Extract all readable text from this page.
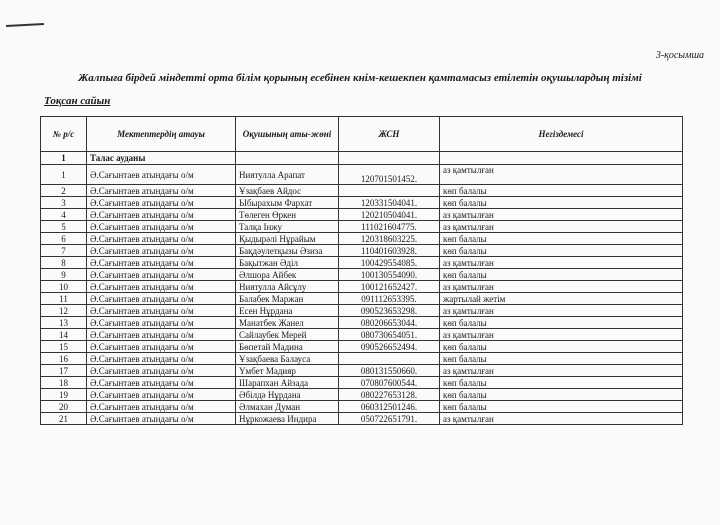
3-қосымша
Жалпыға бірдей міндетті орта білім қорының есебінен кнім-кешекпен қамтамасыз етілетін оқушылардың тізімі
Тоқсан сайын
№ р/с	Мектептердің атауы	Оқушының аты-жөні	ЖСН	Негіздемесі
1	Талас ауданы			
1	Ә.Сағынтаев атындағы о/м	Ниятулла Арапат	120701501452.	аз қамтылған
2	Ә.Сағынтаев атындағы о/м	Ұзақбаев Айдос		көп балалы
3	Ә.Сағынтаев атындағы о/м	Ыбырахым Фархат	120331504041.	көп балалы
4	Ә.Сағынтаев атындағы о/м	Төлеген Өркен	120210504041.	аз қамтылған
5	Ә.Сағынтаев атындағы о/м	Талқа Інжу	111021604775.	аз қамтылған
6	Ә.Сағынтаев атындағы о/м	Қыдырәлі Нұрайым	120318603225.	көп балалы
7	Ә.Сағынтаев атындағы о/м	Бақдәулетқызы Әзиза	110401603928.	көп балалы
8	Ә.Сағынтаев атындағы о/м	Бақытжан Әділ	100429554085.	аз қамтылған
9	Ә.Сағынтаев атындағы о/м	Әлшора Айбек	100130554090.	көп балалы
10	Ә.Сағынтаев атындағы о/м	Ниятулла Айсұлу	100121652427.	аз қамтылған
11	Ә.Сағынтаев атындағы о/м	Балабек Маржан	091112653395.	жартылай жетім
12	Ә.Сағынтаев атындағы о/м	Есен Нұрдана	090523653298.	аз қамтылған
13	Ә.Сағынтаев атындағы о/м	Манатбек Жанел	080206653044.	көп балалы
14	Ә.Сағынтаев атындағы о/м	Сайлаубек Мерей	080730654051.	аз қамтылған
15	Ә.Сағынтаев атындағы о/м	Бөпетай Мадина	090526652494.	көп балалы
16	Ә.Сағынтаев атындағы о/м	Ұзақбаева Балауса		көп балалы
17	Ә.Сағынтаев атындағы о/м	Үмбет Мадияр	080131550660.	аз қамтылған
18	Ә.Сағынтаев атындағы о/м	Шарапхан Айзада	070807600544.	көп балалы
19	Ә.Сағынтаев атындағы о/м	Әбілдә Нұрдана	080227653128.	көп балалы
20	Ә.Сағынтаев атындағы о/м	Әлмахан Думан	060312501246.	көп балалы
21	Ә.Сағынтаев атындағы о/м	Нұркожаева Индира	050722651791.	аз қамтылған
